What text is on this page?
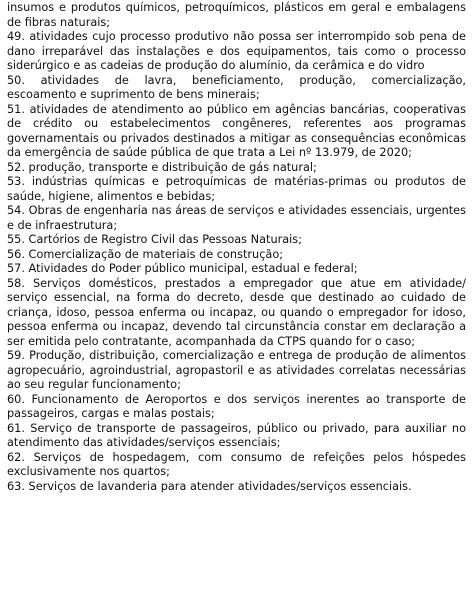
insumos e produtos químicos, petroquímicos, plásticos em geral e embalagens de fibras naturais;

49. atividades cujo processo produtivo não possa ser interrompido sob pena de dano irreparável das instalações e dos equipamentos, tais como o processo siderúrgico e as cadeias de produção do alumínio, da cerâmica e do vidro

50. atividades de lavra, beneficiamento, produção, comercialização, escoamento e suprimento de bens minerais;

51. atividades de atendimento ao público em agências bancárias, cooperativas de crédito ou estabelecimentos congêneres, referentes aos programas governamentais ou privados destinados a mitigar as consequências econômicas da emergência de saúde pública de que trata a Lei nº 13.979, de 2020;

52. produção, transporte e distribuição de gás natural;

53. indústrias químicas e petroquímicas de matérias-primas ou produtos de saúde, higiene, alimentos e bebidas;

54. Obras de engenharia nas áreas de serviços e atividades essenciais, urgentes e de infraestrutura;

55. Cartórios de Registro Civil das Pessoas Naturais;

56. Comercialização de materiais de construção;

57. Atividades do Poder público municipal, estadual e federal;

58. Serviços domésticos, prestados a empregador que atue em atividade/ serviço essencial, na forma do decreto, desde que destinado ao cuidado de criança, idoso, pessoa enferma ou incapaz, ou quando o empregador for idoso, pessoa enferma ou incapaz, devendo tal circunstância constar em declaração a ser emitida pelo contratante, acompanhada da CTPS quando for o caso;

59. Produção, distribuição, comercialização e entrega de produção de alimentos agropecuário, agroindustrial, agropastoril e as atividades correlatas necessárias ao seu regular funcionamento;

60. Funcionamento de Aeroportos e dos serviços inerentes ao transporte de passageiros, cargas e malas postais;

61. Serviço de transporte de passageiros, público ou privado, para auxiliar no atendimento das atividades/serviços essenciais;

62. Serviços de hospedagem, com consumo de refeições pelos hóspedes exclusivamente nos quartos;

63. Serviços de lavanderia para atender atividades/serviços essenciais.
